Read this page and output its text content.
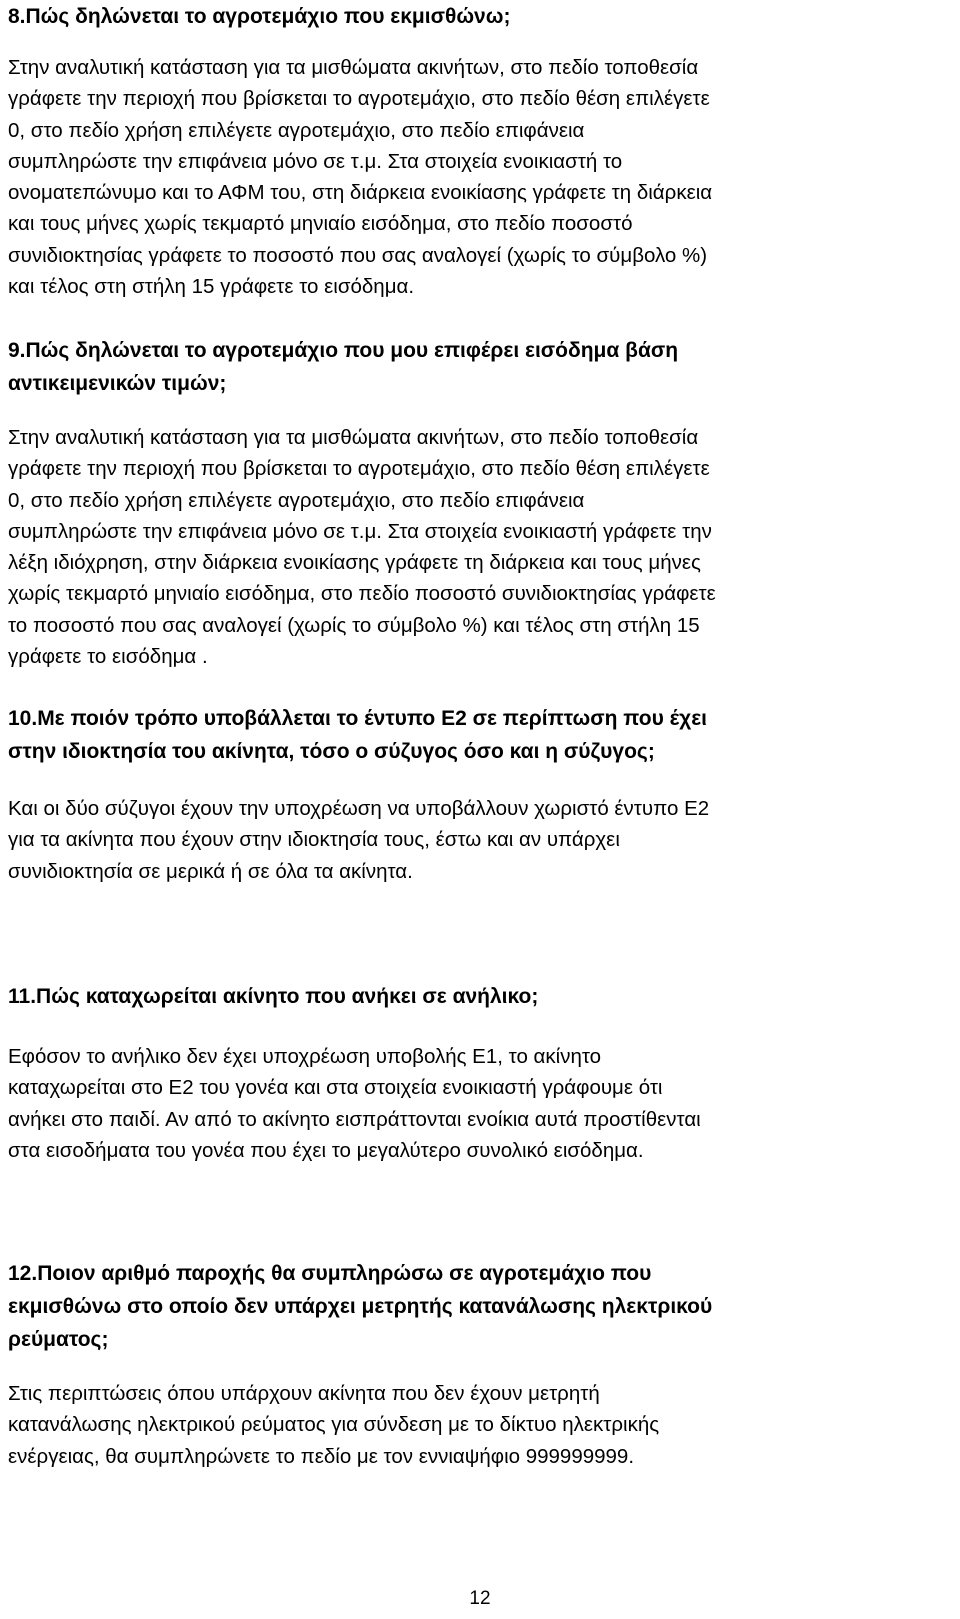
8.Πώς δηλώνεται το αγροτεμάχιο που εκμισθώνω;
Στην αναλυτική κατάσταση για τα μισθώματα ακινήτων, στο πεδίο τοποθεσία
γράφετε την περιοχή που βρίσκεται το αγροτεμάχιο, στο πεδίο θέση επιλέγετε
0, στο πεδίο χρήση επιλέγετε αγροτεμάχιο, στο πεδίο επιφάνεια
συμπληρώστε την επιφάνεια μόνο σε τ.μ. Στα στοιχεία ενοικιαστή το
ονοματεπώνυμο και το ΑΦΜ του, στη διάρκεια ενοικίασης γράφετε τη διάρκεια
και τους μήνες χωρίς τεκμαρτό μηνιαίο εισόδημα, στο πεδίο ποσοστό
συνιδιοκτησίας γράφετε το ποσοστό που σας αναλογεί (χωρίς το σύμβολο %)
και τέλος στη στήλη 15 γράφετε το εισόδημα.
9.Πώς δηλώνεται το αγροτεμάχιο που μου επιφέρει εισόδημα βάση
αντικειμενικών τιμών;
Στην αναλυτική κατάσταση για τα μισθώματα ακινήτων, στο πεδίο τοποθεσία
γράφετε την περιοχή που βρίσκεται το αγροτεμάχιο, στο πεδίο θέση επιλέγετε
0, στο πεδίο χρήση επιλέγετε αγροτεμάχιο, στο πεδίο επιφάνεια
συμπληρώστε την επιφάνεια μόνο σε τ.μ. Στα στοιχεία ενοικιαστή γράφετε την
λέξη ιδιόχρηση, στην διάρκεια ενοικίασης γράφετε τη διάρκεια και τους μήνες
χωρίς τεκμαρτό μηνιαίο εισόδημα, στο πεδίο ποσοστό συνιδιοκτησίας γράφετε
το ποσοστό που σας αναλογεί (χωρίς το σύμβολο %) και τέλος στη στήλη 15
γράφετε το εισόδημα .
10.Με ποιόν τρόπο υποβάλλεται το έντυπο Ε2 σε περίπτωση που έχει
στην ιδιοκτησία του ακίνητα, τόσο ο σύζυγος όσο και η σύζυγος;
Και οι δύο σύζυγοι έχουν την υποχρέωση να υποβάλλουν χωριστό έντυπο Ε2
για τα ακίνητα που έχουν στην ιδιοκτησία τους, έστω και αν υπάρχει
συνιδιοκτησία σε μερικά ή σε όλα τα ακίνητα.
11.Πώς καταχωρείται ακίνητο που ανήκει σε ανήλικο;
Εφόσον το ανήλικο δεν έχει υποχρέωση υποβολής Ε1, το ακίνητο
καταχωρείται στο Ε2 του γονέα και στα στοιχεία ενοικιαστή γράφουμε ότι
ανήκει στο παιδί. Αν από το ακίνητο εισπράττονται ενοίκια αυτά προστίθενται
στα εισοδήματα του γονέα που έχει το μεγαλύτερο συνολικό εισόδημα.
12.Ποιον αριθμό παροχής θα συμπληρώσω σε αγροτεμάχιο που
εκμισθώνω στο οποίο δεν υπάρχει μετρητής κατανάλωσης ηλεκτρικού
ρεύματος;
Στις περιπτώσεις όπου υπάρχουν ακίνητα που δεν έχουν μετρητή
κατανάλωσης ηλεκτρικού ρεύματος για σύνδεση με το δίκτυο ηλεκτρικής
ενέργειας, θα συμπληρώνετε το πεδίο με τον εννιαψήφιο 999999999.
12
